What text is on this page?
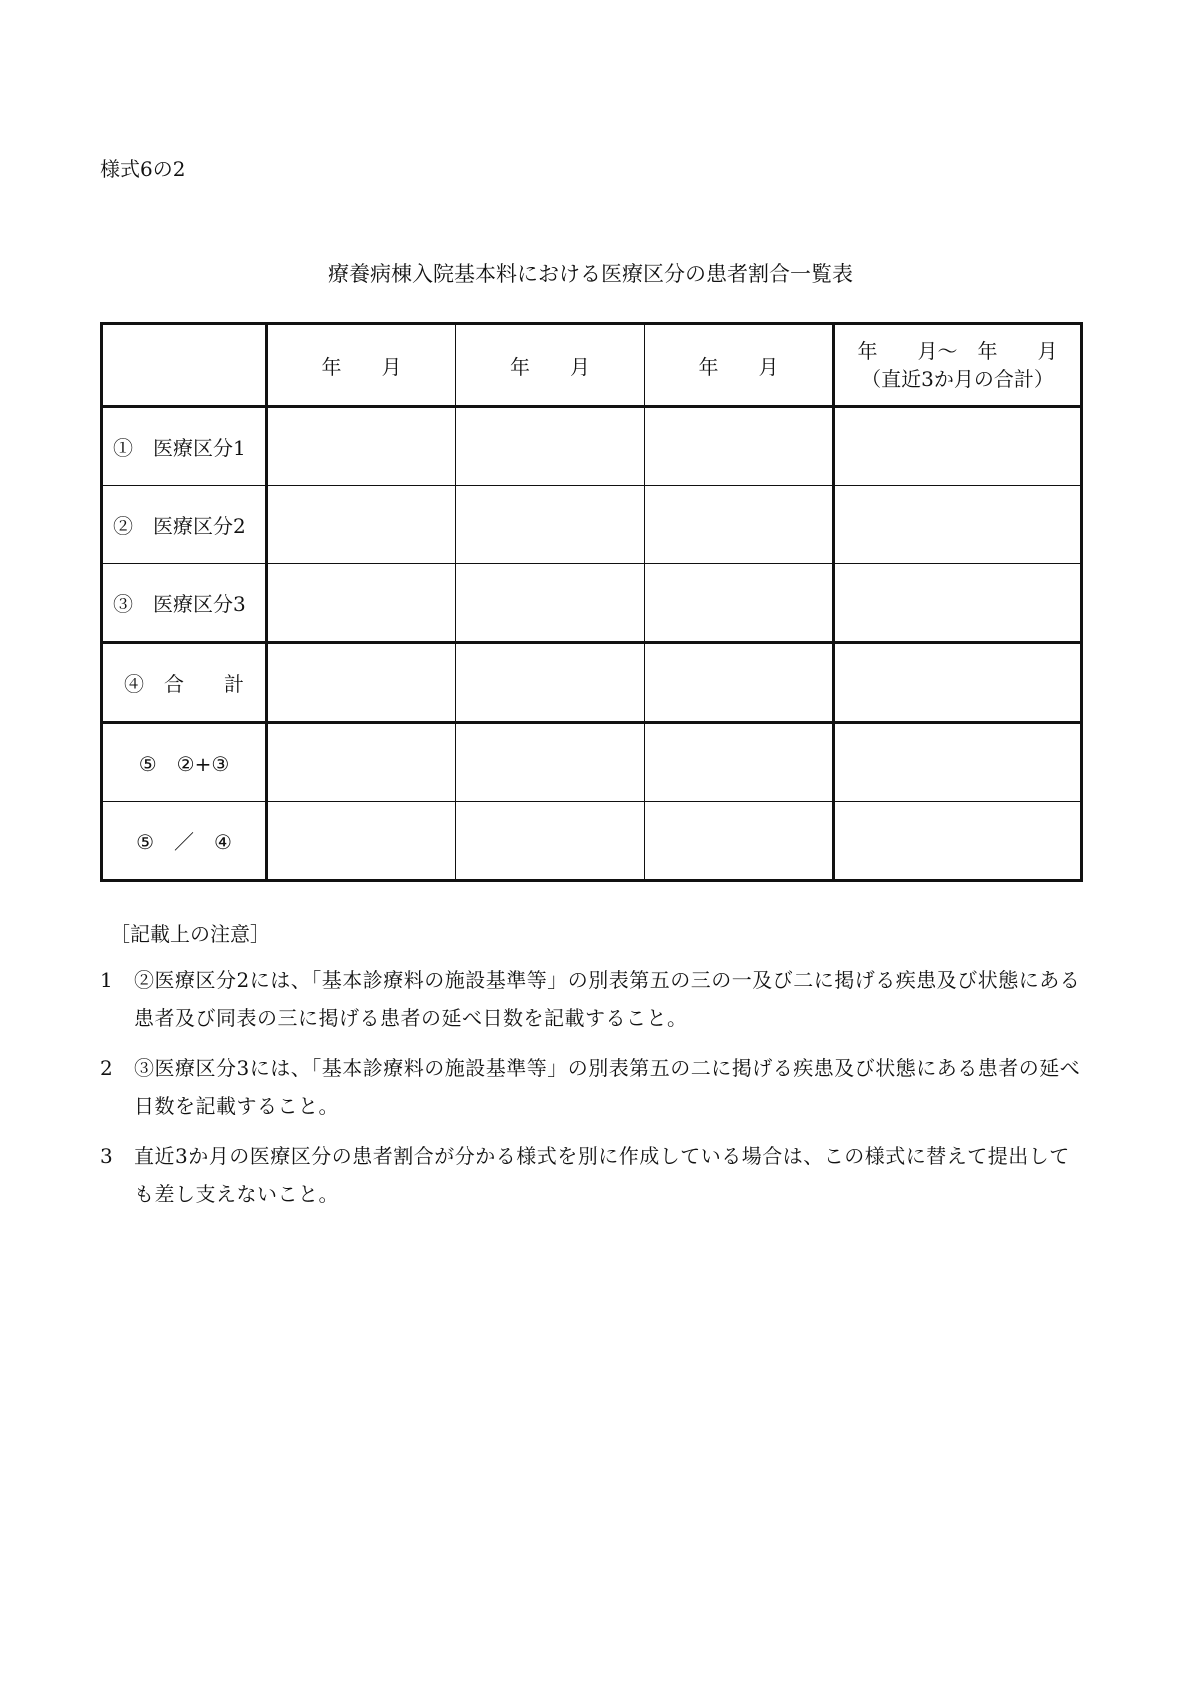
様式6の2
療養病棟入院基本料における医療区分の患者割合一覧表
	年　　月	年　　月	年　　月	年　　月～　年　　月
（直近3か月の合計）

①　医療区分1				
②　医療区分2				
③　医療区分3				
④　合　　計				
⑤　②+③				
⑤　／　④				
［記載上の注意］
1	②医療区分2には、「基本診療料の施設基準等」の別表第五の三の一及び二に掲げる疾患及び状態にある患者及び同表の三に掲げる患者の延べ日数を記載すること。
2	③医療区分3には、「基本診療料の施設基準等」の別表第五の二に掲げる疾患及び状態にある患者の延べ日数を記載すること。
3	直近3か月の医療区分の患者割合が分かる様式を別に作成している場合は、この様式に替えて提出しても差し支えないこと。
